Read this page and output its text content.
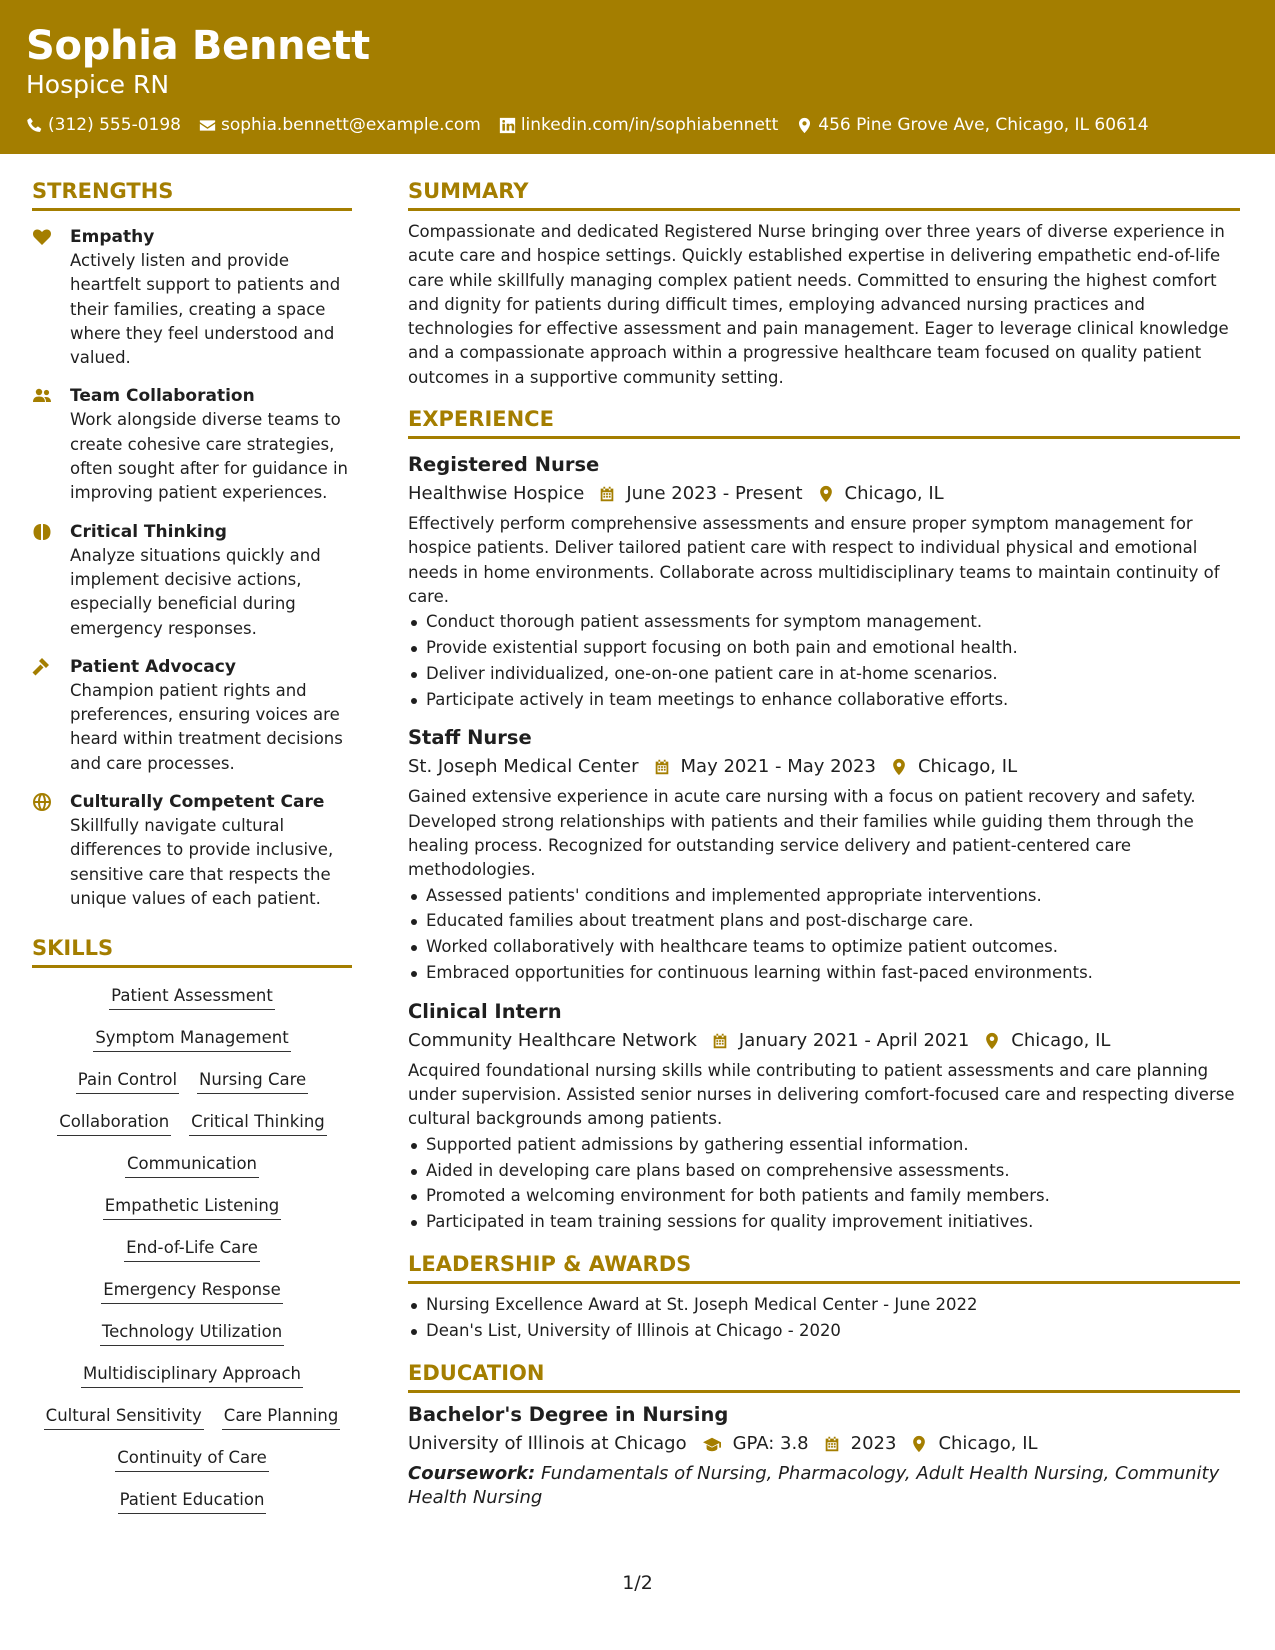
Sophia Bennett
Hospice RN
(312) 555-0198 sophia.bennett@example.com linkedin.com/in/sophiabennett 456 Pine Grove Ave, Chicago, IL 60614
STRENGTHS
Empathy
Actively listen and provide heartfelt support to patients and their families, creating a space where they feel understood and valued.
Team Collaboration
Work alongside diverse teams to create cohesive care strategies, often sought after for guidance in improving patient experiences.
Critical Thinking
Analyze situations quickly and implement decisive actions, especially beneficial during emergency responses.
Patient Advocacy
Champion patient rights and preferences, ensuring voices are heard within treatment decisions and care processes.
Culturally Competent Care
Skillfully navigate cultural differences to provide inclusive, sensitive care that respects the unique values of each patient.
SKILLS
Patient Assessment
Symptom Management
Pain Control Nursing Care
Collaboration Critical Thinking
Communication
Empathetic Listening
End-of-Life Care
Emergency Response
Technology Utilization
Multidisciplinary Approach
Cultural Sensitivity Care Planning
Continuity of Care
Patient Education
SUMMARY
Compassionate and dedicated Registered Nurse bringing over three years of diverse experience in acute care and hospice settings. Quickly established expertise in delivering empathetic end-of-life care while skillfully managing complex patient needs. Committed to ensuring the highest comfort and dignity for patients during difficult times, employing advanced nursing practices and technologies for effective assessment and pain management. Eager to leverage clinical knowledge and a compassionate approach within a progressive healthcare team focused on quality patient outcomes in a supportive community setting.
EXPERIENCE
Registered Nurse
Healthwise Hospice June 2023 - Present Chicago, IL
Effectively perform comprehensive assessments and ensure proper symptom management for hospice patients. Deliver tailored patient care with respect to individual physical and emotional needs in home environments. Collaborate across multidisciplinary teams to maintain continuity of care.
Conduct thorough patient assessments for symptom management.
Provide existential support focusing on both pain and emotional health.
Deliver individualized, one-on-one patient care in at-home scenarios.
Participate actively in team meetings to enhance collaborative efforts.
Staff Nurse
St. Joseph Medical Center May 2021 - May 2023 Chicago, IL
Gained extensive experience in acute care nursing with a focus on patient recovery and safety. Developed strong relationships with patients and their families while guiding them through the healing process. Recognized for outstanding service delivery and patient-centered care methodologies.
Assessed patients' conditions and implemented appropriate interventions.
Educated families about treatment plans and post-discharge care.
Worked collaboratively with healthcare teams to optimize patient outcomes.
Embraced opportunities for continuous learning within fast-paced environments.
Clinical Intern
Community Healthcare Network January 2021 - April 2021 Chicago, IL
Acquired foundational nursing skills while contributing to patient assessments and care planning under supervision. Assisted senior nurses in delivering comfort-focused care and respecting diverse cultural backgrounds among patients.
Supported patient admissions by gathering essential information.
Aided in developing care plans based on comprehensive assessments.
Promoted a welcoming environment for both patients and family members.
Participated in team training sessions for quality improvement initiatives.
LEADERSHIP & AWARDS
Nursing Excellence Award at St. Joseph Medical Center - June 2022
Dean's List, University of Illinois at Chicago - 2020
EDUCATION
Bachelor's Degree in Nursing
University of Illinois at Chicago	GPA: 3.8 2023 Chicago, IL
Coursework: Fundamentals of Nursing, Pharmacology, Adult Health Nursing, Community Health Nursing
1/2
